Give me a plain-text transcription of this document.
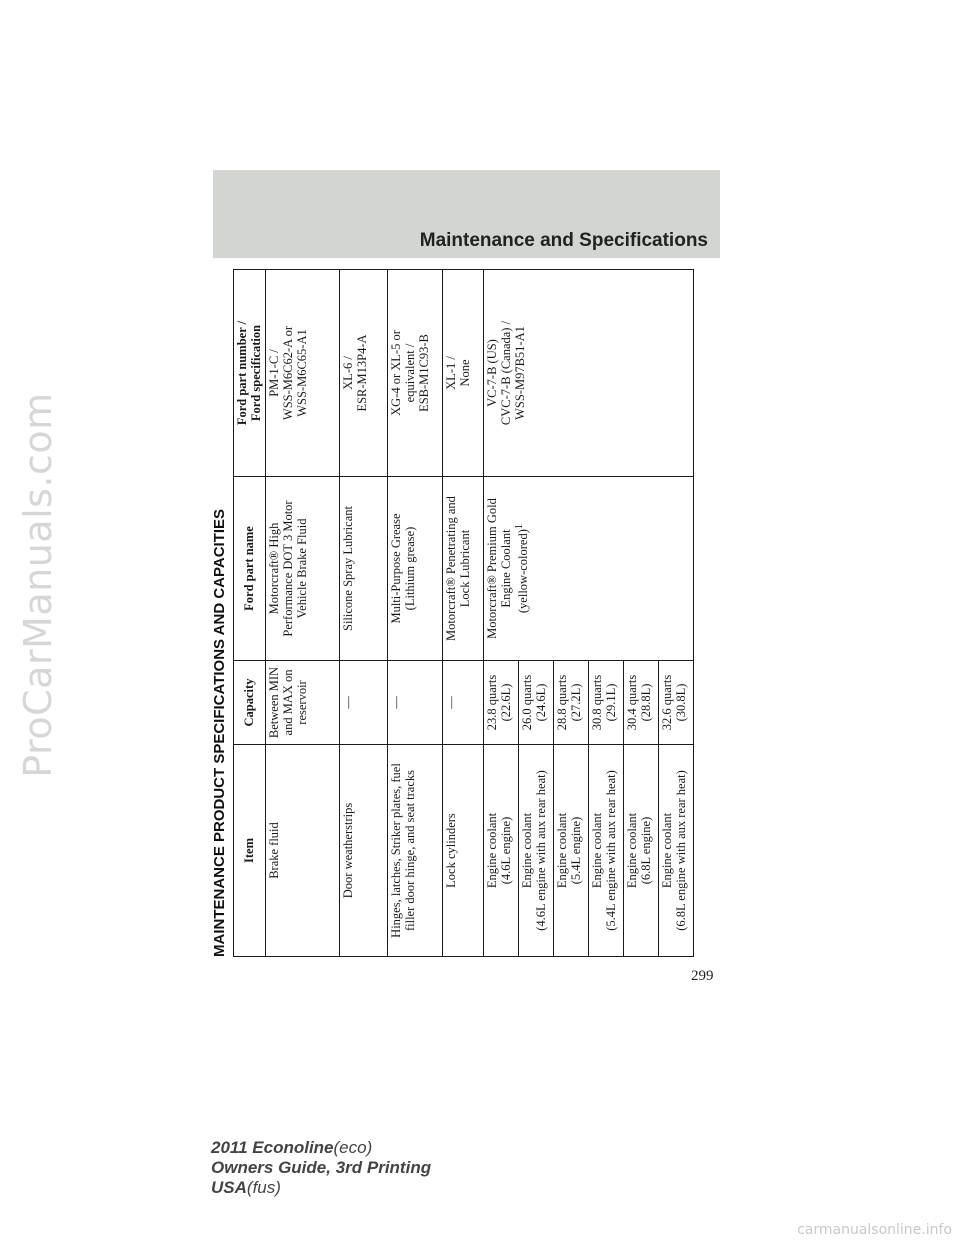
Maintenance and Specifications
MAINTENANCE PRODUCT SPECIFICATIONS AND CAPACITIES Item	Capacity	Ford part name	Ford part number /
Ford specification
Brake fluid	Between MIN
and MAX on
reservoir	Motorcraft® High
Performance DOT 3 Motor
Vehicle Brake Fluid	PM-1-C /
WSS-M6C62-A or
WSS-M6C65-A1
Door weatherstrips	—	Silicone Spray Lubricant	XL-6 /
ESR-M13P4-A
Hinges, latches, Striker plates, fuel
filler door hinge, and seat tracks	—	Multi-Purpose Grease
(Lithium grease)	XG-4 or XL-5 or
equivalent /
ESB-M1C93-B
Lock cylinders	—	Motorcraft® Penetrating and
Lock Lubricant	XL-1 /
None
Engine coolant
(4.6L engine)	23.8 quarts
(22.6L)	Motorcraft® Premium Gold
Engine Coolant
(yellow-colored)$^1$	VC-7-B (US)
CVC-7-B (Canada) /
WSS-M97B51-A1
Engine coolant
(4.6L engine with aux rear heat)	26.0 quarts
(24.6L)		
Engine coolant
(5.4L engine)	28.8 quarts
(27.2L)		
Engine coolant
(5.4L engine with aux rear heat)	30.8 quarts
(29.1L)		
Engine coolant
(6.8L engine)	30.4 quarts
(28.8L)		
Engine coolant
(6.8L engine with aux rear heat)	32.6 quarts
(30.8L)		
299
2011 Econoline(eco)
Owners Guide, 3rd Printing
USA(fus)
ProCarManuals.com
carmanualsonline.info
